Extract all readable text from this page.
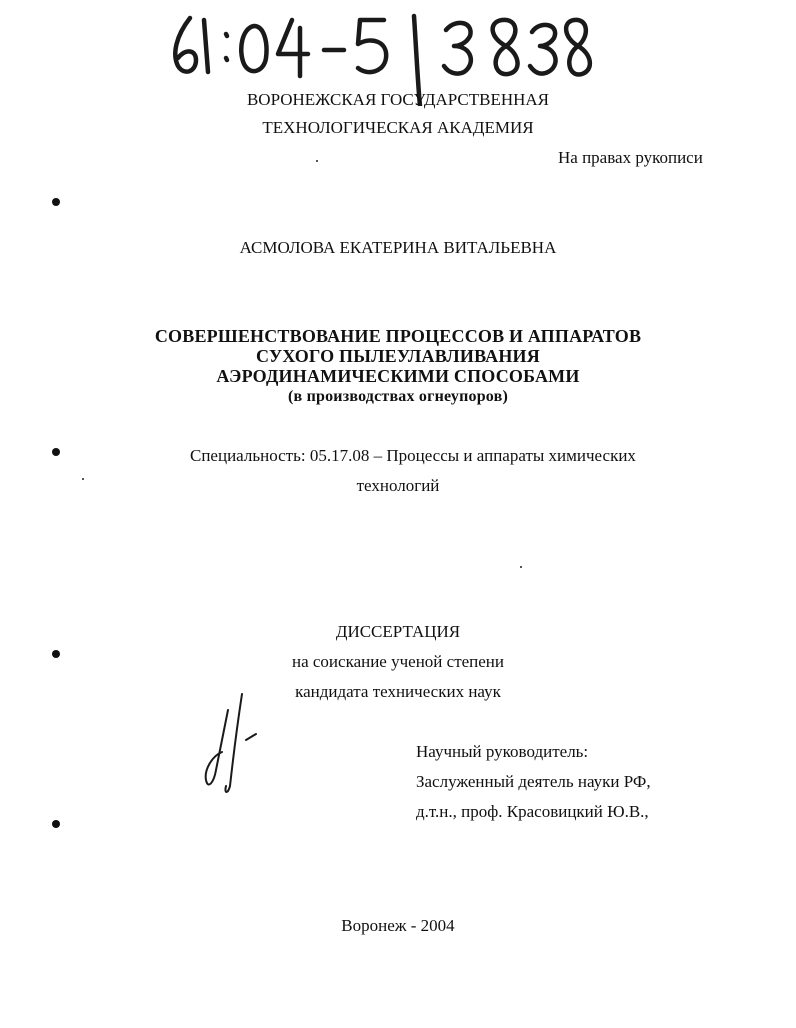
ВОРОНЕЖСКАЯ ГОСУДАРСТВЕННАЯ
ТЕХНОЛОГИЧЕСКАЯ АКАДЕМИЯ
На правах рукописи
АСМОЛОВА ЕКАТЕРИНА ВИТАЛЬЕВНА
СОВЕРШЕНСТВОВАНИЕ ПРОЦЕССОВ И АППАРАТОВ
СУХОГО ПЫЛЕУЛАВЛИВАНИЯ
АЭРОДИНАМИЧЕСКИМИ СПОСОБАМИ
(в производствах огнеупоров)
Специальность: 05.17.08 – Процессы и аппараты химических
технологий
ДИССЕРТАЦИЯ
на соискание ученой степени
кандидата технических наук
Научный руководитель:
Заслуженный деятель науки РФ,
д.т.н., проф. Красовицкий Ю.В.,
Воронеж - 2004
